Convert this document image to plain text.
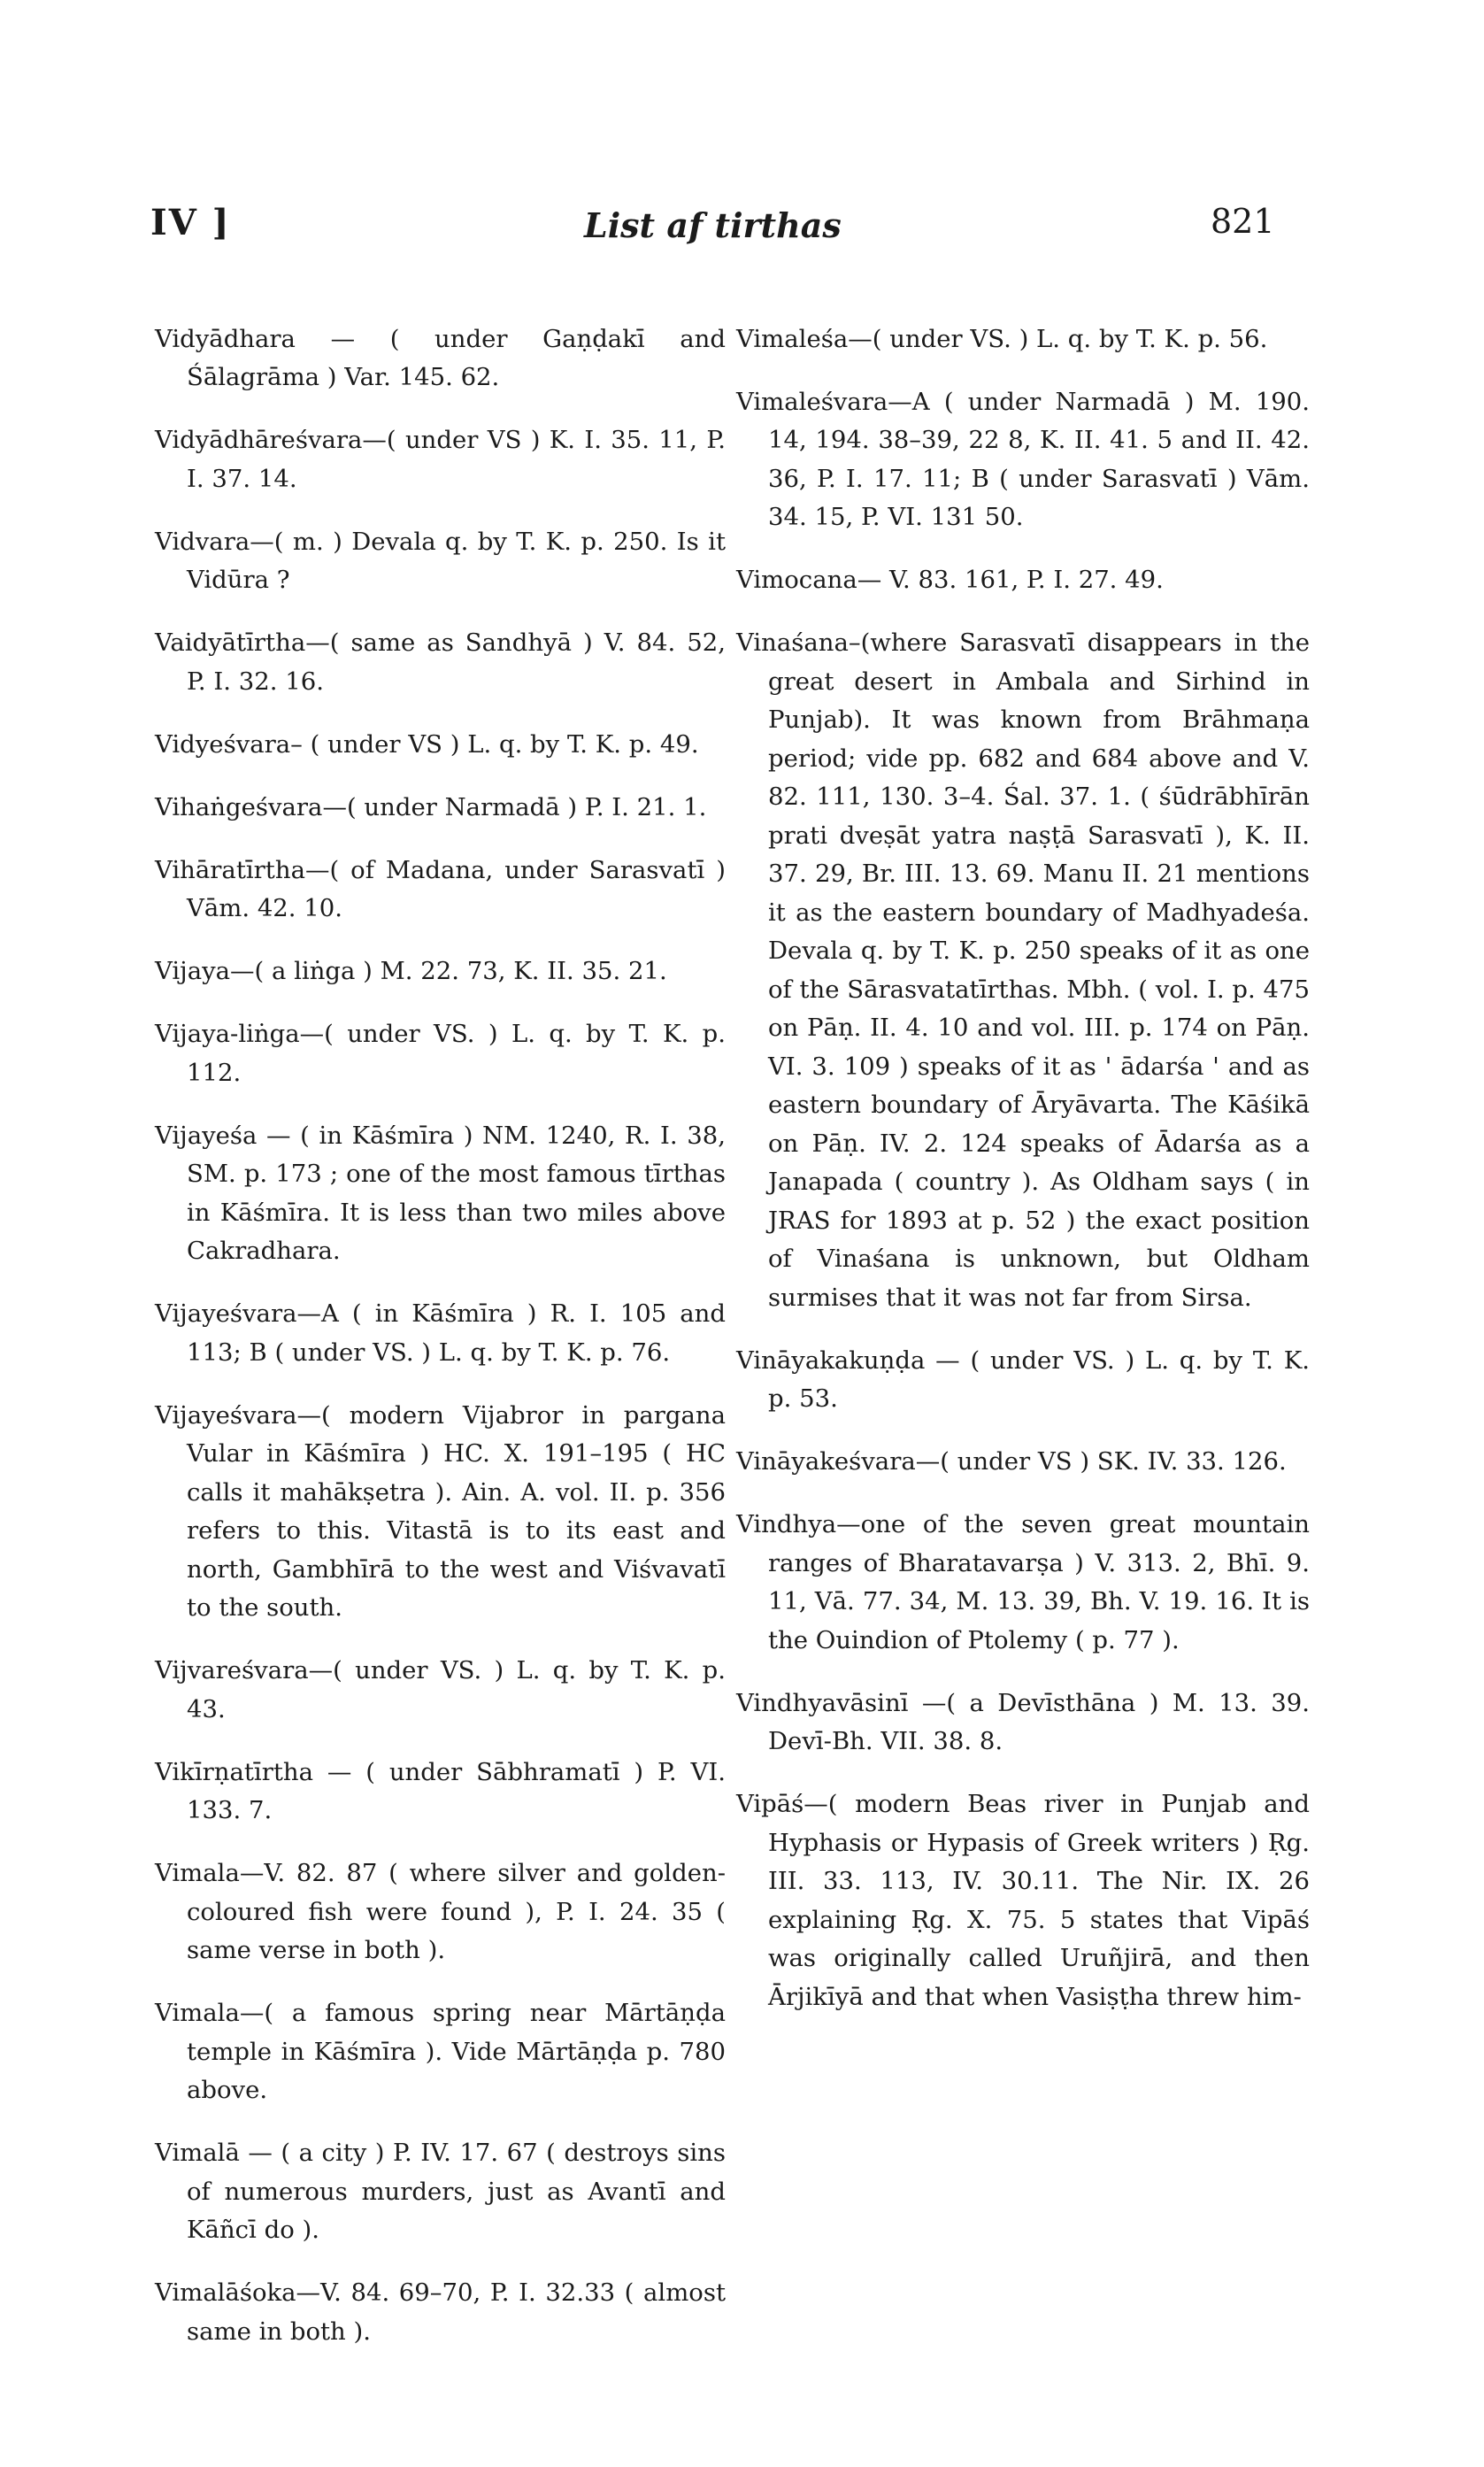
IV ]	List af tirthas	821

Vidyādhara — ( under Gaṇḍakī and Śālagrāma ) Var. 145. 62.

Vidyādhāreśvara—( under VS ) K. I. 35. 11, P. I. 37. 14.

Vidvara—( m. ) Devala q. by T. K. p. 250. Is it Vidūra ?

Vaidyātīrtha—( same as Sandhyā ) V. 84. 52, P. I. 32. 16.

Vidyeśvara– ( under VS ) L. q. by T. K. p. 49.

Vihaṅgeśvara—( under Narmadā ) P. I. 21. 1.

Vihāratīrtha—( of Madana, under Sarasvatī ) Vām. 42. 10.

Vijaya—( a liṅga ) M. 22. 73, K. II. 35. 21.

Vijaya-liṅga—( under VS. ) L. q. by T. K. p. 112.

Vijayeśa — ( in Kāśmīra ) NM. 1240, R. I. 38, SM. p. 173 ; one of the most famous tīrthas in Kāśmīra. It is less than two miles above Cakradhara.

Vijayeśvara—A ( in Kāśmīra ) R. I. 105 and 113; B ( under VS. ) L. q. by T. K. p. 76.

Vijayeśvara—( modern Vijabror in pargana Vular in Kāśmīra ) HC. X. 191–195 ( HC calls it mahākṣetra ). Ain. A. vol. II. p. 356 refers to this. Vitastā is to its east and north, Gambhīrā to the west and Viśvavatī to the south.

Vijvareśvara—( under VS. ) L. q. by T. K. p. 43.

Vikīrṇatīrtha — ( under Sābhramatī ) P. VI. 133. 7.

Vimala—V. 82. 87 ( where silver and golden-coloured fish were found ), P. I. 24. 35 ( same verse in both ).

Vimala—( a famous spring near Mārtāṇḍa temple in Kāśmīra ). Vide Mārtāṇḍa p. 780 above.

Vimalā — ( a city ) P. IV. 17. 67 ( destroys sins of numerous murders, just as Avantī and Kāñcī do ).

Vimalāśoka—V. 84. 69–70, P. I. 32.33 ( almost same in both ).

Vimaleśa—( under VS. ) L. q. by T. K. p. 56.

Vimaleśvara—A ( under Narmadā ) M. 190. 14, 194. 38–39, 22 8, K. II. 41. 5 and II. 42. 36, P. I. 17. 11; B ( under Sarasvatī ) Vām. 34. 15, P. VI. 131 50.

Vimocana— V. 83. 161, P. I. 27. 49.

Vinaśana–(where Sarasvatī disappears in the great desert in Ambala and Sirhind in Punjab). It was known from Brāhmaṇa period; vide pp. 682 and 684 above and V. 82. 111, 130. 3–4. Śal. 37. 1. ( śūdrābhīrān prati dveṣāt yatra naṣṭā Sarasvatī ), K. II. 37. 29, Br. III. 13. 69. Manu II. 21 mentions it as the eastern boundary of Madhyadeśa. Devala q. by T. K. p. 250 speaks of it as one of the Sārasvatatīrthas. Mbh. ( vol. I. p. 475 on Pāṇ. II. 4. 10 and vol. III. p. 174 on Pāṇ. VI. 3. 109 ) speaks of it as ' ādarśa ' and as eastern boundary of Āryāvarta. The Kāśikā on Pāṇ. IV. 2. 124 speaks of Ādarśa as a Janapada ( country ). As Oldham says ( in JRAS for 1893 at p. 52 ) the exact position of Vinaśana is unknown, but Oldham surmises that it was not far from Sirsa.

Vināyakakuṇḍa — ( under VS. ) L. q. by T. K. p. 53.

Vināyakeśvara—( under VS ) SK. IV. 33. 126.

Vindhya—one of the seven great mountain ranges of Bharatavarṣa ) V. 313. 2, Bhī. 9. 11, Vā. 77. 34, M. 13. 39, Bh. V. 19. 16. It is the Ouindion of Ptolemy ( p. 77 ).

Vindhyavāsinī —( a Devīsthāna ) M. 13. 39. Devī-Bh. VII. 38. 8.

Vipāś—( modern Beas river in Punjab and Hyphasis or Hypasis of Greek writers ) Ṛg. III. 33. 113, IV. 30.11. The Nir. IX. 26 explaining Ṛg. X. 75. 5 states that Vipāś was originally called Uruñjirā, and then Ārjikīyā and that when Vasiṣṭha threw him-
